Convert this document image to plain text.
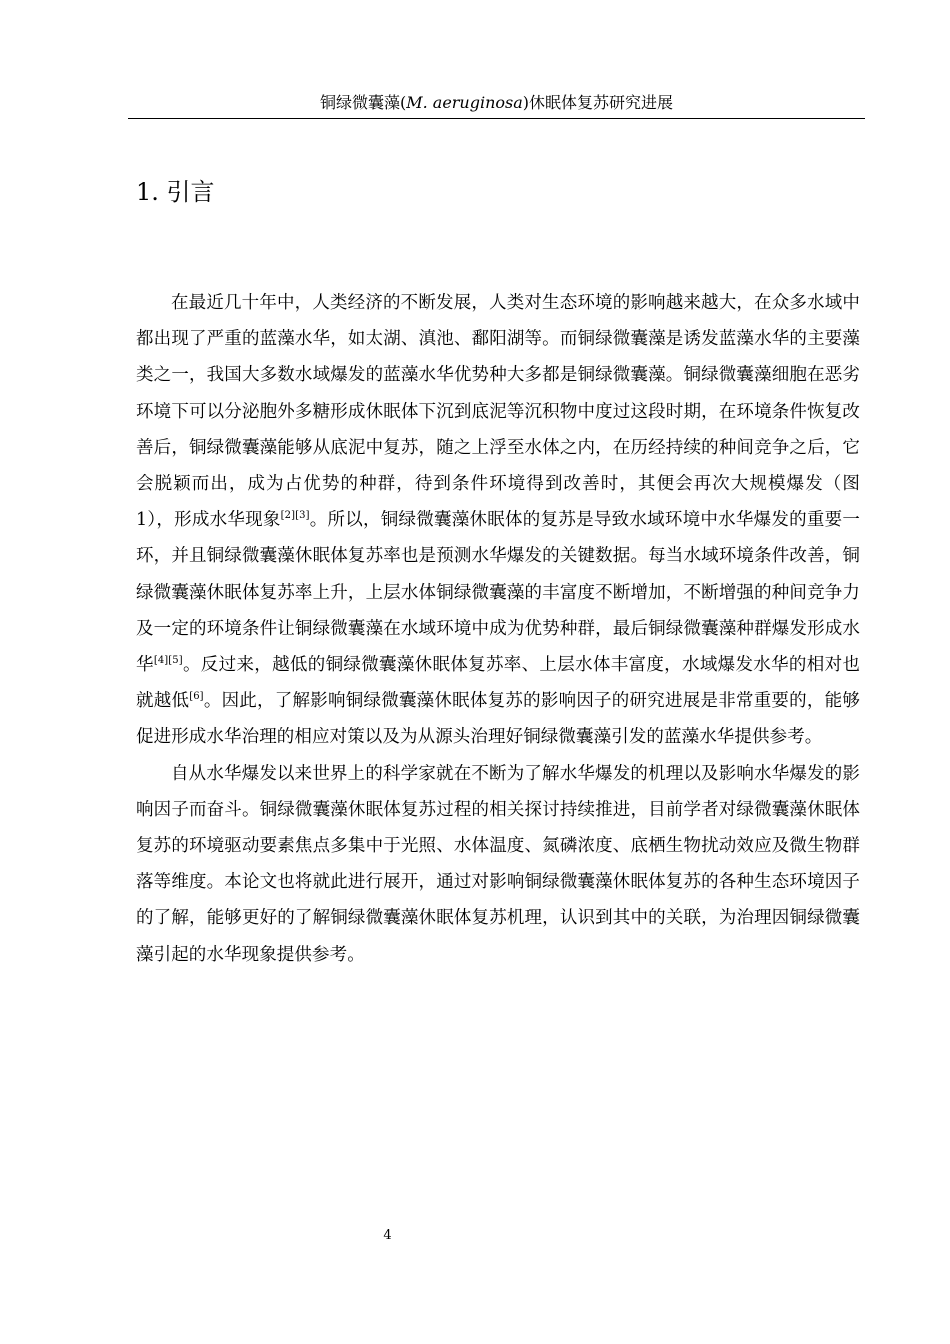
铜绿微囊藻(M. aeruginosa)休眠体复苏研究进展
1. 引言

在最近几十年中，人类经济的不断发展，人类对生态环境的影响越来越大，在众多水域中都出现了严重的蓝藻水华，如太湖、滇池、鄱阳湖等。而铜绿微囊藻是诱发蓝藻水华的主要藻类之一，我国大多数水域爆发的蓝藻水华优势种大多都是铜绿微囊藻。铜绿微囊藻细胞在恶劣环境下可以分泌胞外多糖形成休眠体下沉到底泥等沉积物中度过这段时期，在环境条件恢复改善后，铜绿微囊藻能够从底泥中复苏，随之上浮至水体之内，在历经持续的种间竞争之后，它会脱颖而出，成为占优势的种群，待到条件环境得到改善时，其便会再次大规模爆发（图 1），形成水华现象[2][3]。所以，铜绿微囊藻休眠体的复苏是导致水域环境中水华爆发的重要一环，并且铜绿微囊藻休眠体复苏率也是预测水华爆发的关键数据。每当水域环境条件改善，铜绿微囊藻休眠体复苏率上升，上层水体铜绿微囊藻的丰富度不断增加，不断增强的种间竞争力及一定的环境条件让铜绿微囊藻在水域环境中成为优势种群，最后铜绿微囊藻种群爆发形成水华[4][5]。反过来，越低的铜绿微囊藻休眠体复苏率、上层水体丰富度，水域爆发水华的相对也就越低[6]。因此，了解影响铜绿微囊藻休眠体复苏的影响因子的研究进展是非常重要的，能够促进形成水华治理的相应对策以及为从源头治理好铜绿微囊藻引发的蓝藻水华提供参考。

自从水华爆发以来世界上的科学家就在不断为了解水华爆发的机理以及影响水华爆发的影响因子而奋斗。铜绿微囊藻休眠体复苏过程的相关探讨持续推进，目前学者对绿微囊藻休眠体复苏的环境驱动要素焦点多集中于光照、水体温度、氮磷浓度、底栖生物扰动效应及微生物群落等维度。本论文也将就此进行展开，通过对影响铜绿微囊藻休眠体复苏的各种生态环境因子的了解，能够更好的了解铜绿微囊藻休眠体复苏机理，认识到其中的关联，为治理因铜绿微囊藻引起的水华现象提供参考。

4
